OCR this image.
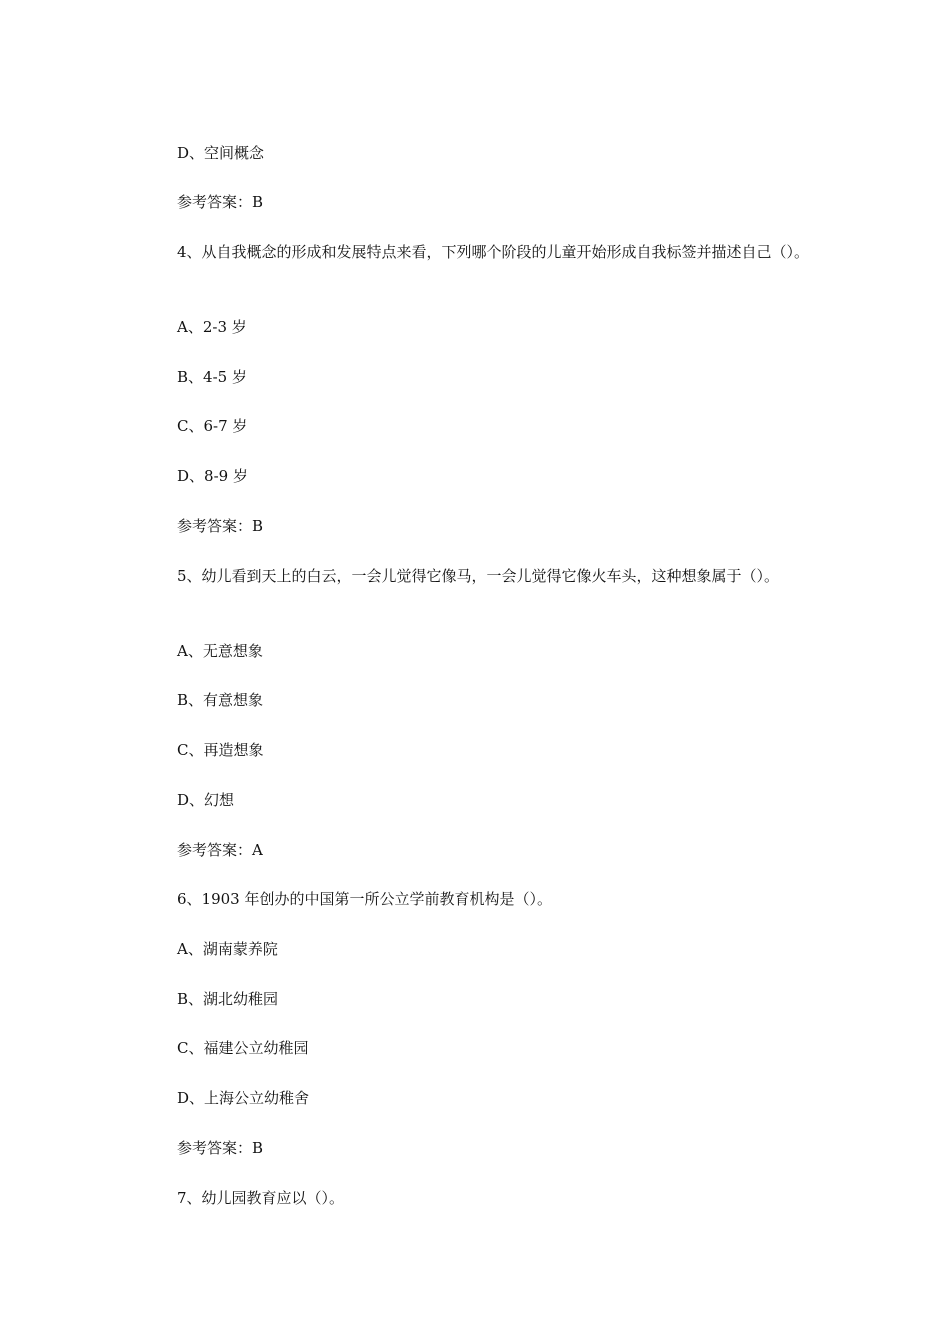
D、空间概念
参考答案：B
4、从自我概念的形成和发展特点来看，下列哪个阶段的儿童开始形成自我标签并描述自己（）。
A、2-3 岁
B、4-5 岁
C、6-7 岁
D、8-9 岁
参考答案：B
5、幼儿看到天上的白云，一会儿觉得它像马，一会儿觉得它像火车头，这种想象属于（）。
A、无意想象
B、有意想象
C、再造想象
D、幻想
参考答案：A
6、1903 年创办的中国第一所公立学前教育机构是（）。
A、湖南蒙养院
B、湖北幼稚园
C、福建公立幼稚园
D、上海公立幼稚舍
参考答案：B
7、幼儿园教育应以（）。
